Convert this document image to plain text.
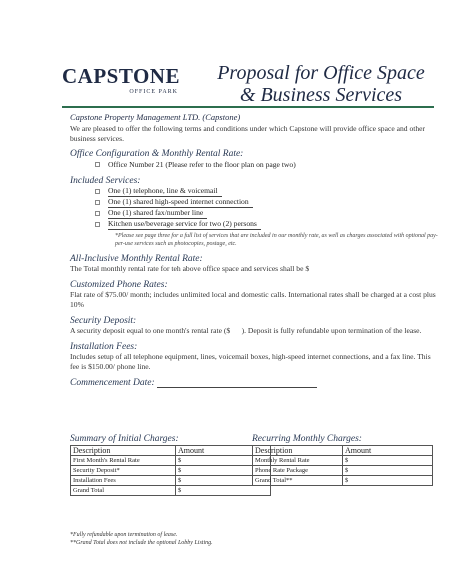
CAPSTONE
OFFICE PARK
Proposal for Office Space
& Business Services
Capstone Property Management LTD. (Capstone)
We are pleased to offer the following terms and conditions under which Capstone will provide office space and other business services.
Office Configuration & Monthly Rental Rate:
Office Number 21 (Please refer to the floor plan on page two)
Included Services:
One (1) telephone, line & voicemail
One (1) shared high-speed internet connection
One (1) shared fax/number line
Kitchen use/beverage service for two (2) persons
*Please see page three for a full list of services that are included in our monthly rate, as well as charges associated with optional pay-per-use services such as photocopies, postage, etc.
All-Inclusive Monthly Rental Rate:
The Total monthly rental rate for teh above office space and services shall be $
Customized Phone Rates:
Flat rate of $75.00/ month; includes unlimited local and domestic calls. International rates shall be charged at a cost plus 10%
Security Deposit:
A security deposit equal to one month's rental rate ($ ). Deposit is fully refundable upon termination of the lease.
Installation Fees:
Includes setup of all telephone equipment, lines, voicemail boxes, high-speed internet connections, and a fax line. This fee is $150.00/ phone line.
Commencement Date:
Summary of Initial Charges:
Description	Amount
First Month's Rental Rate	$
Security Deposit*	$
Installation Fees	$
Grand Total	$
Recurring Monthly Charges:
Description	Amount
Monthly Rental Rate	$
Phone Rate Package	$
Grand Total**	$
*Fully refundable upon termination of lease.
**Grand Total does not include the optional Lobby Listing.
